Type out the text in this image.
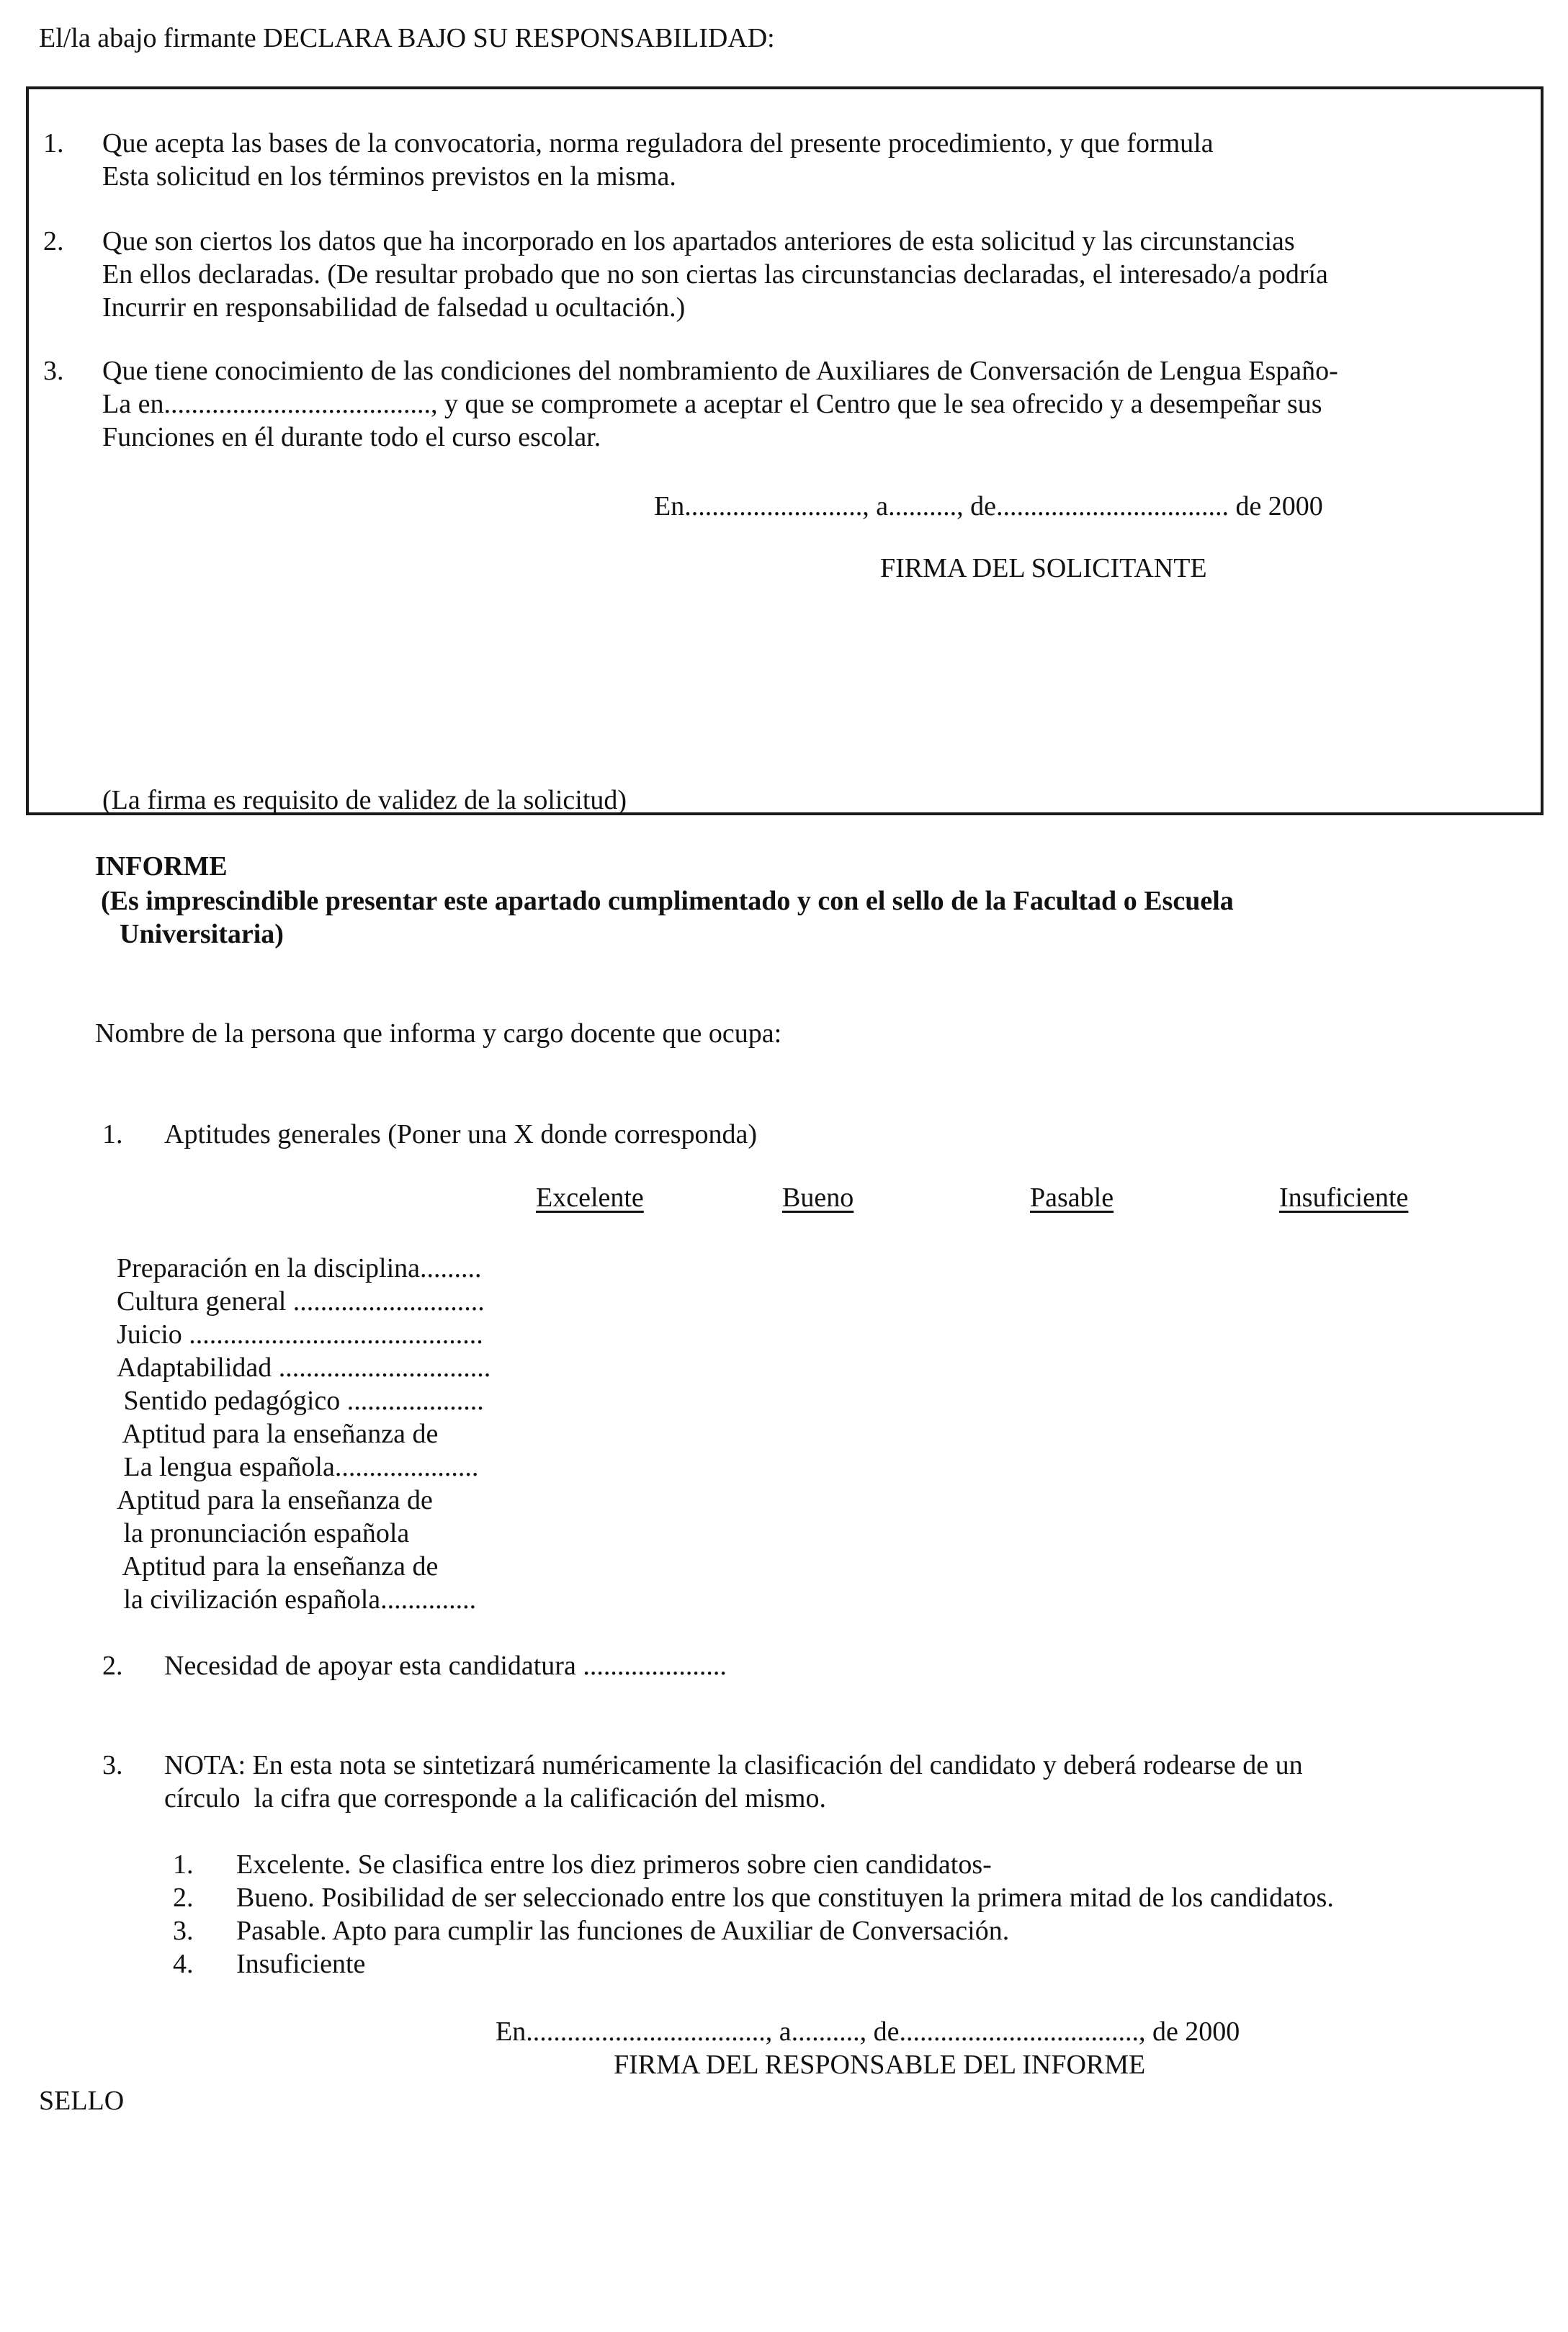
El/la abajo firmante DECLARA BAJO SU RESPONSABILIDAD:
1. Que acepta las bases de la convocatoria, norma reguladora del presente procedimiento, y que formula
Esta solicitud en los términos previstos en la misma.
2. Que son ciertos los datos que ha incorporado en los apartados anteriores de esta solicitud y las circunstancias
En ellos declaradas. (De resultar probado que no son ciertas las circunstancias declaradas, el interesado/a podría
Incurrir en responsabilidad de falsedad u ocultación.)
3. Que tiene conocimiento de las condiciones del nombramiento de Auxiliares de Conversación de Lengua Españo-
La en......................................., y que se compromete a aceptar el Centro que le sea ofrecido y a desempeñar sus
Funciones en él durante todo el curso escolar.
En.........................., a.........., de.................................. de 2000
FIRMA DEL SOLICITANTE
(La firma es requisito de validez de la solicitud)
INFORME
(Es imprescindible presentar este apartado cumplimentado y con el sello de la Facultad o Escuela
Universitaria)
Nombre de la persona que informa y cargo docente que ocupa:
1. Aptitudes generales (Poner una X donde corresponda)
Excelente	Bueno	Pasable	Insuficiente
Preparación en la disciplina.........
Cultura general ............................
Juicio ...........................................
Adaptabilidad ...............................
Sentido pedagógico ....................
Aptitud para la enseñanza de
La lengua española.....................
Aptitud para la enseñanza de
la pronunciación española
Aptitud para la enseñanza de
la civilización española..............
2. Necesidad de apoyar esta candidatura .....................
3. NOTA: En esta nota se sintetizará numéricamente la clasificación del candidato y deberá rodearse de un
círculo  la cifra que corresponde a la calificación del mismo.
1. Excelente. Se clasifica entre los diez primeros sobre cien candidatos-
2. Bueno. Posibilidad de ser seleccionado entre los que constituyen la primera mitad de los candidatos.
3. Pasable. Apto para cumplir las funciones de Auxiliar de Conversación.
4. Insuficiente
En..................................., a.........., de..................................., de 2000
FIRMA DEL RESPONSABLE DEL INFORME
SELLO
